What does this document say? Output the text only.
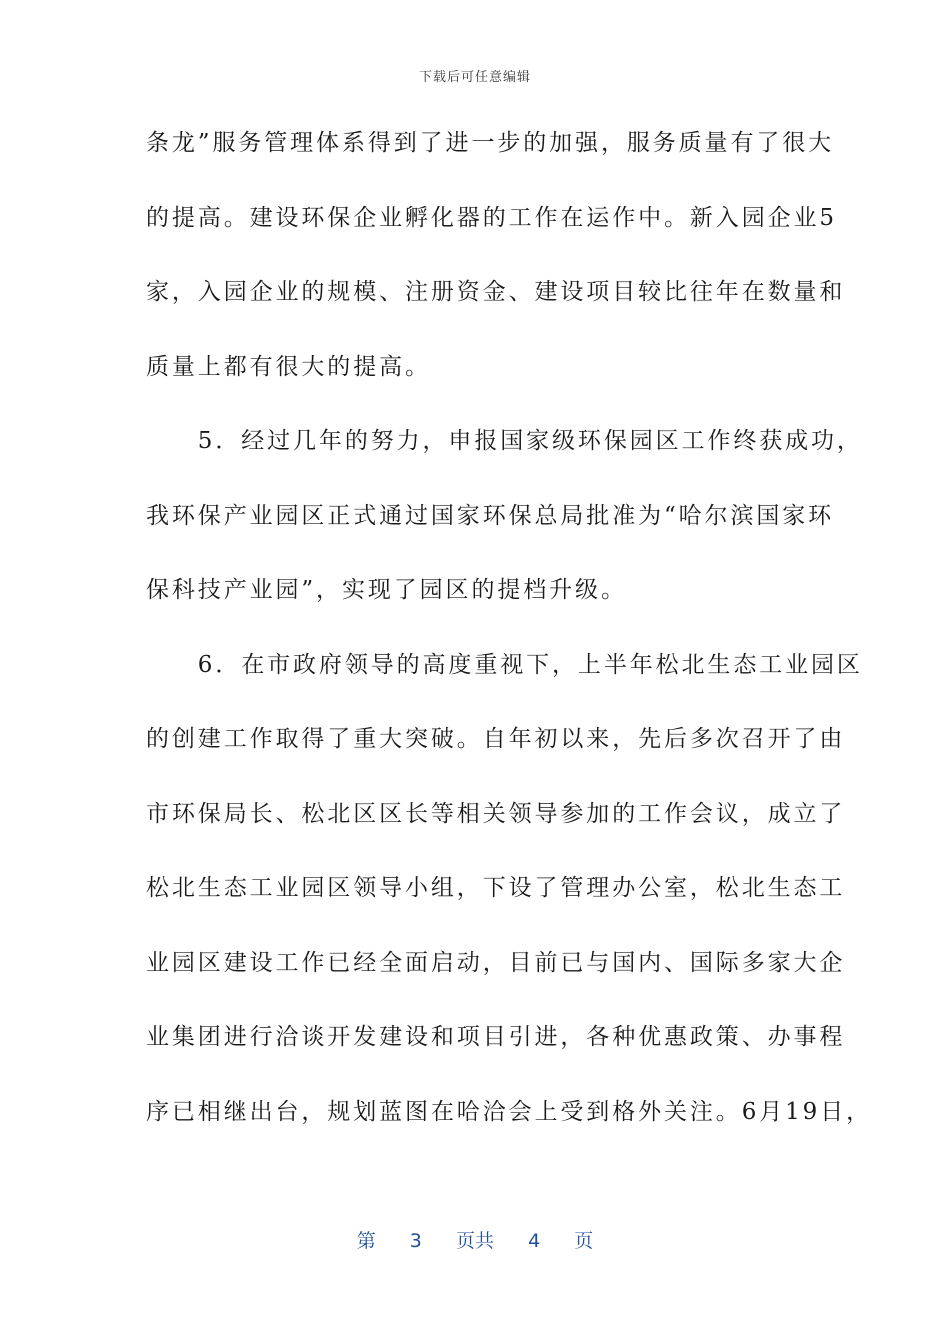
下载后可任意编辑
条龙”服务管理体系得到了进一步的加强，服务质量有了很大
的提高。建设环保企业孵化器的工作在运作中。新入园企业5
家，入园企业的规模、注册资金、建设项目较比往年在数量和
质量上都有很大的提高。
　　5．经过几年的努力，申报国家级环保园区工作终获成功，
我环保产业园区正式通过国家环保总局批准为“哈尔滨国家环
保科技产业园”，实现了园区的提档升级。
　　6．在市政府领导的高度重视下，上半年松北生态工业园区
的创建工作取得了重大突破。自年初以来，先后多次召开了由
市环保局长、松北区区长等相关领导参加的工作会议，成立了
松北生态工业园区领导小组，下设了管理办公室，松北生态工
业园区建设工作已经全面启动，目前已与国内、国际多家大企
业集团进行洽谈开发建设和项目引进，各种优惠政策、办事程
序已相继出台，规划蓝图在哈洽会上受到格外关注。6月19日，
第 3 页共 4 页
